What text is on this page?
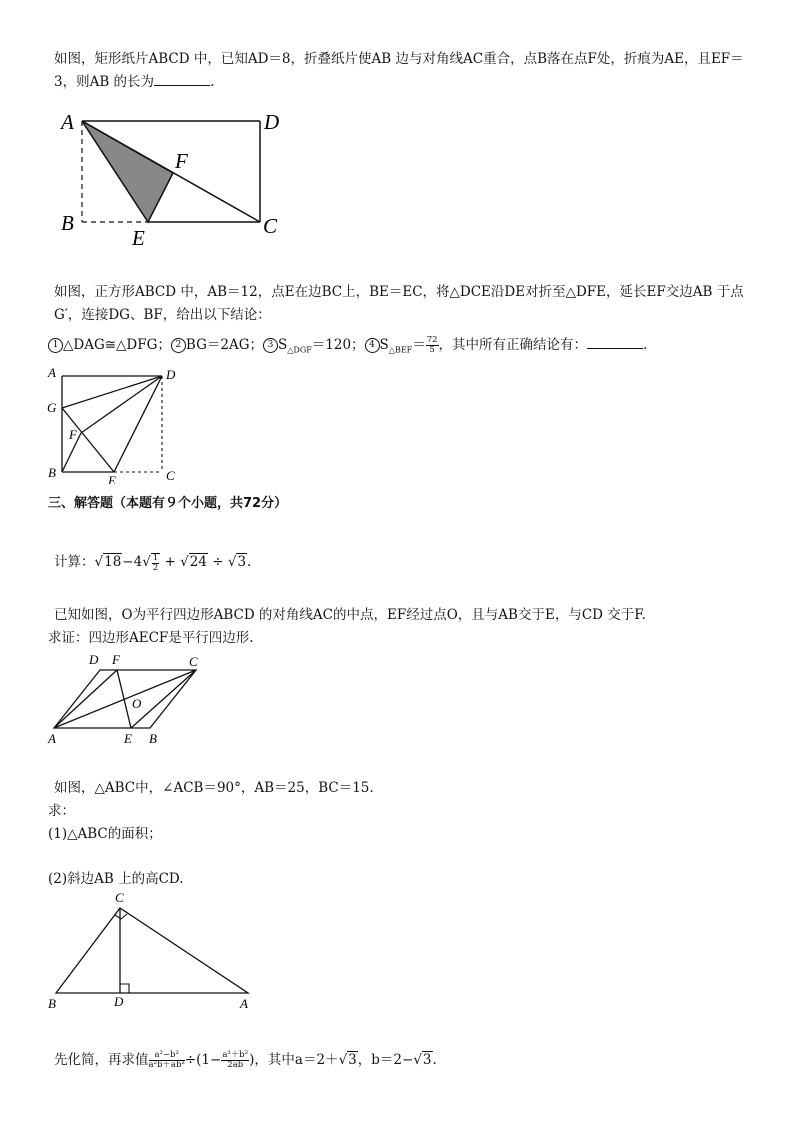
如图，矩形纸片ABCD 中，已知AD＝8，折叠纸片使AB 边与对角线AC重合，点B落在点F处，折痕为AE，且EF＝
3，则AB 的长为	.
A	D
F
B
E	C
如图，正方形ABCD 中，AB＝12，点E在边BC上，BE＝EC，将△DCE沿DE对折至△DFE，延长EF交边AB 于点
G′，连接DG、BF，给出以下结论：
1 △DAG≅△DFG； 2 BG＝2AG； 3 $S_{\triangle DGF}=120$； 4 $S_{\triangle BEF}= \frac{72}{5}$ ，其中所有正确结论有：	.
A	D
G
F
B
E	C
三、解答题（本题有９个小题，共72分）
计算：$√18-4√ \frac{1}{2} + √24 \div √3$.
已知如图，O为平行四边形ABCD 的对角线AC的中点，EF经过点O，且与AB交于E，与CD 交于F.
求证：四边形AECF是平行四边形.
D F	C
O
A	E B
如图，△ABC中，∠ACB＝90°，AB＝25，BC＝15.
求：
(1)△ABC的面积；
(2)斜边AB 上的高CD.
C
B	D	A
先化简，再求值 $\frac{\text{a²−b²}}{\text{a²b＋ab²}} \div(1- \frac{\text{a²＋b²}}{2ab}$ )，其中a＝2＋√3，b＝2−√3.
